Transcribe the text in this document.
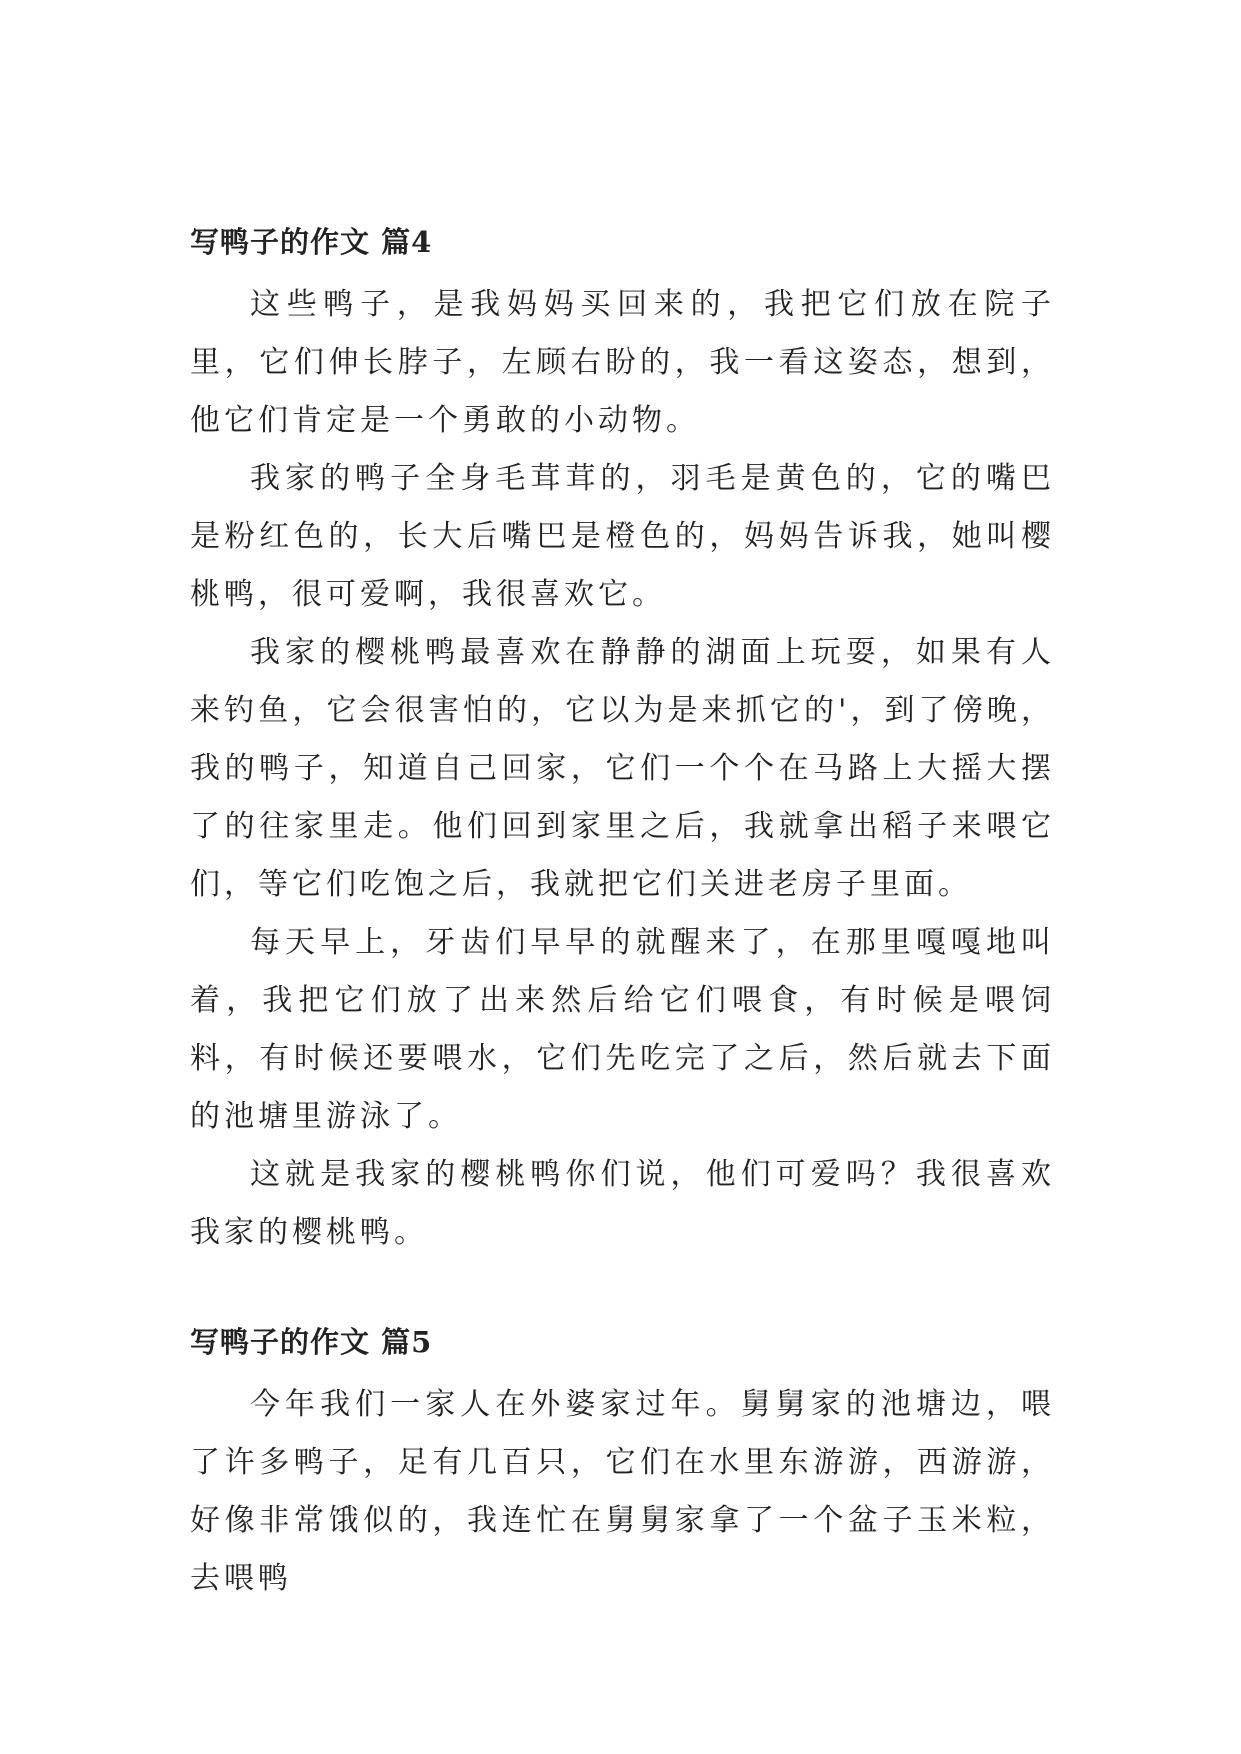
写鸭子的作文 篇4

这些鸭子，是我妈妈买回来的，我把它们放在院子里，它们伸长脖子，左顾右盼的，我一看这姿态，想到，他它们肯定是一个勇敢的小动物。

我家的鸭子全身毛茸茸的，羽毛是黄色的，它的嘴巴是粉红色的，长大后嘴巴是橙色的，妈妈告诉我，她叫樱桃鸭，很可爱啊，我很喜欢它。

我家的樱桃鸭最喜欢在静静的湖面上玩耍，如果有人来钓鱼，它会很害怕的，它以为是来抓它的'，到了傍晚，我的鸭子，知道自己回家，它们一个个在马路上大摇大摆了的往家里走。他们回到家里之后，我就拿出稻子来喂它们，等它们吃饱之后，我就把它们关进老房子里面。

每天早上，牙齿们早早的就醒来了，在那里嘎嘎地叫着，我把它们放了出来然后给它们喂食，有时候是喂饲料，有时候还要喂水，它们先吃完了之后，然后就去下面的池塘里游泳了。

这就是我家的樱桃鸭你们说，他们可爱吗？我很喜欢我家的樱桃鸭。

写鸭子的作文 篇5

今年我们一家人在外婆家过年。舅舅家的池塘边，喂了许多鸭子，足有几百只，它们在水里东游游，西游游，好像非常饿似的，我连忙在舅舅家拿了一个盆子玉米粒，去喂鸭
